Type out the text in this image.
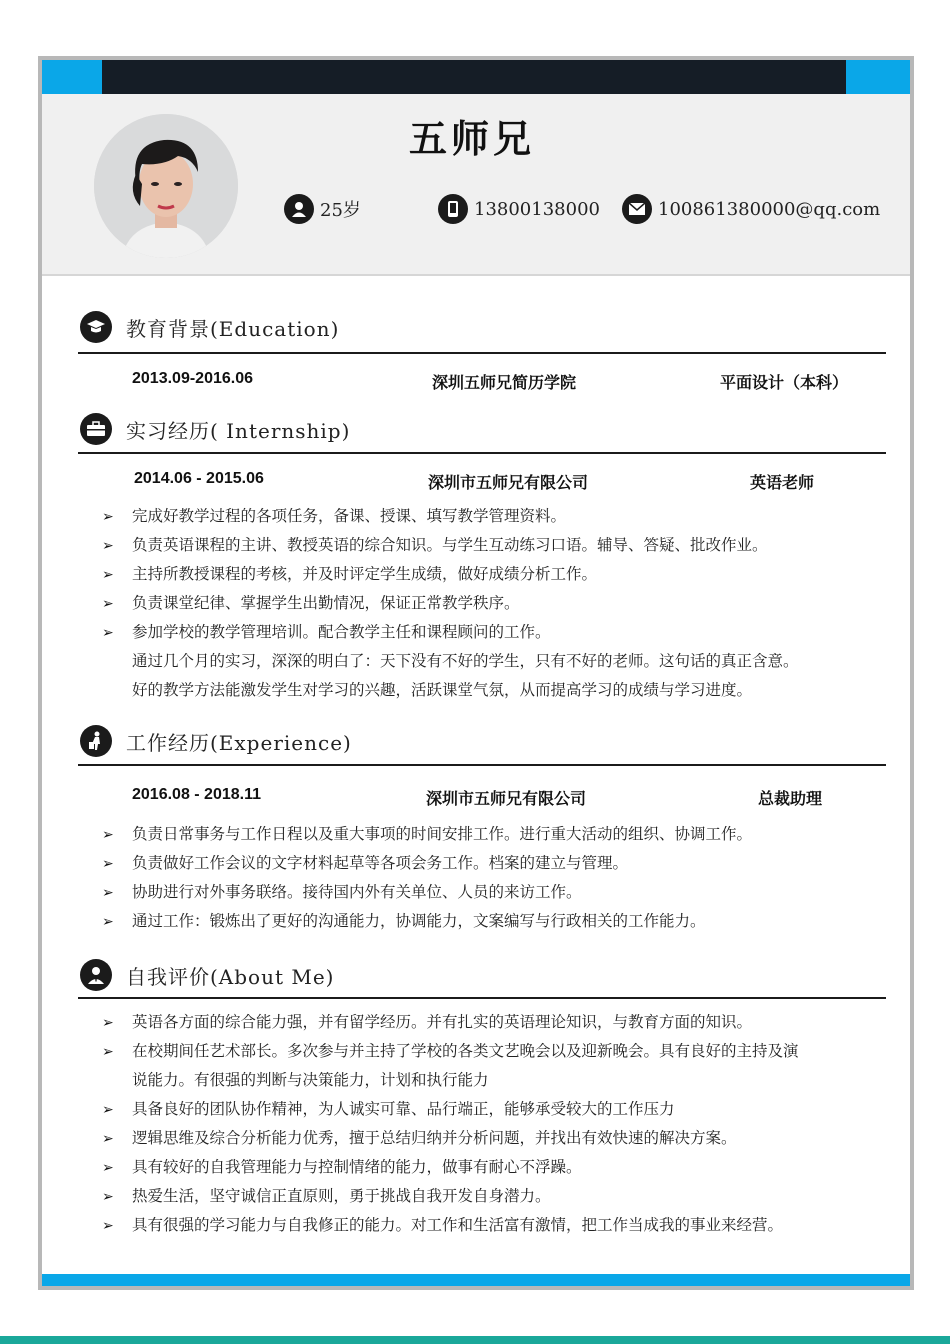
五师兄
25岁	13800138000	100861380000@qq.com
教育背景(Education)
2013.09-2016.06	深圳五师兄简历学院	平面设计（本科）
实习经历( Internship)
2014.06 - 2015.06	深圳市五师兄有限公司	英语老师
➢ 完成好教学过程的各项任务，备课、授课、填写教学管理资料。
➢ 负责英语课程的主讲、教授英语的综合知识。与学生互动练习口语。辅导、答疑、批改作业。
➢ 主持所教授课程的考核，并及时评定学生成绩，做好成绩分析工作。
➢ 负责课堂纪律、掌握学生出勤情况，保证正常教学秩序。
➢ 参加学校的教学管理培训。配合教学主任和课程顾问的工作。
通过几个月的实习，深深的明白了：天下没有不好的学生，只有不好的老师。这句话的真正含意。
好的教学方法能激发学生对学习的兴趣，活跃课堂气氛，从而提高学习的成绩与学习进度。
工作经历(Experience)
2016.08 - 2018.11	深圳市五师兄有限公司	总裁助理
➢ 负责日常事务与工作日程以及重大事项的时间安排工作。进行重大活动的组织、协调工作。
➢ 负责做好工作会议的文字材料起草等各项会务工作。档案的建立与管理。
➢ 协助进行对外事务联络。接待国内外有关单位、人员的来访工作。
➢ 通过工作：锻炼出了更好的沟通能力，协调能力，文案编写与行政相关的工作能力。
自我评价(About Me)
➢ 英语各方面的综合能力强，并有留学经历。并有扎实的英语理论知识，与教育方面的知识。
➢ 在校期间任艺术部长。多次参与并主持了学校的各类文艺晚会以及迎新晚会。具有良好的主持及演
说能力。有很强的判断与决策能力，计划和执行能力
➢ 具备良好的团队协作精神，为人诚实可靠、品行端正，能够承受较大的工作压力
➢ 逻辑思维及综合分析能力优秀，擅于总结归纳并分析问题，并找出有效快速的解决方案。
➢ 具有较好的自我管理能力与控制情绪的能力，做事有耐心不浮躁。
➢ 热爱生活，坚守诚信正直原则，勇于挑战自我开发自身潜力。
➢ 具有很强的学习能力与自我修正的能力。对工作和生活富有激情，把工作当成我的事业来经营。
